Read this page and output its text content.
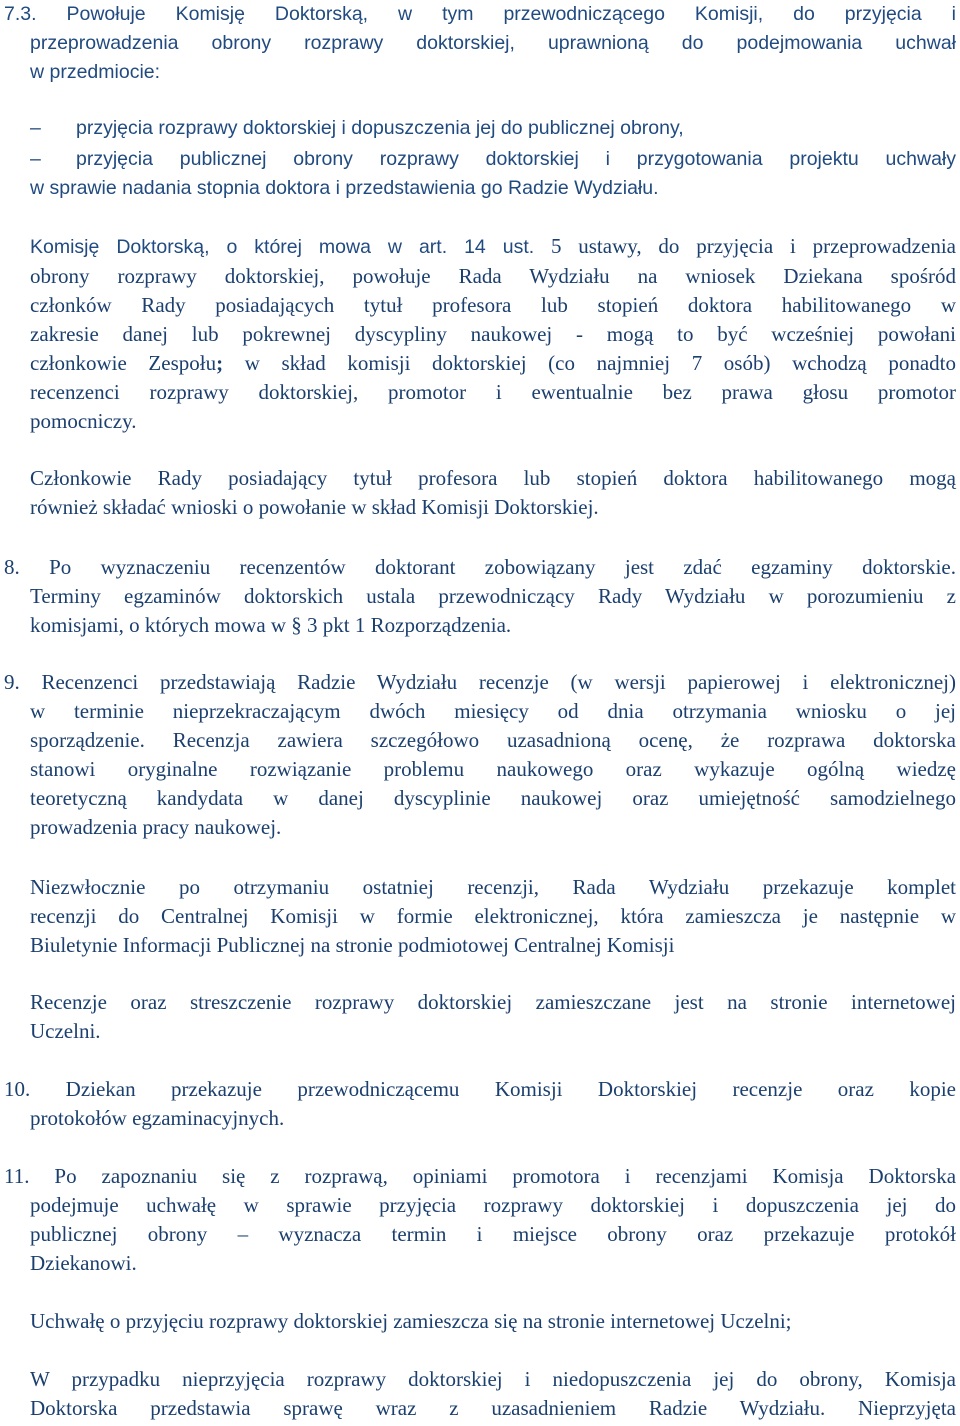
7.3. Powołuje Komisję Doktorską, w tym przewodniczącego Komisji, do przyjęcia i

przeprowadzenia obrony rozprawy doktorskiej, uprawnioną do podejmowania uchwał

w przedmiocie:

–	przyjęcia rozprawy doktorskiej i dopuszczenia jej do publicznej obrony,
–	przyjęcia publicznej obrony rozprawy doktorskiej i przygotowania projektu uchwały
w sprawie nadania stopnia doktora i przedstawienia go Radzie Wydziału.

Komisję Doktorską, o której mowa w art. 14 ust. 5 ustawy, do przyjęcia i przeprowadzenia

obrony rozprawy doktorskiej, powołuje Rada Wydziału na wniosek Dziekana spośród

członków Rady posiadających tytuł profesora lub stopień doktora habilitowanego w

zakresie danej lub pokrewnej dyscypliny naukowej - mogą to być wcześniej powołani

członkowie Zespołu; w skład komisji doktorskiej (co najmniej 7 osób) wchodzą ponadto

recenzenci rozprawy doktorskiej, promotor i ewentualnie bez prawa głosu promotor

pomocniczy.

Członkowie Rady posiadający tytuł profesora lub stopień doktora habilitowanego mogą

również składać wnioski o powołanie w skład Komisji Doktorskiej.

8. Po wyznaczeniu recenzentów doktorant zobowiązany jest zdać egzaminy doktorskie.

Terminy egzaminów doktorskich ustala przewodniczący Rady Wydziału w porozumieniu z

komisjami, o których mowa w § 3 pkt 1 Rozporządzenia.

9. Recenzenci przedstawiają Radzie Wydziału recenzje (w wersji papierowej i elektronicznej)

w terminie nieprzekraczającym dwóch miesięcy od dnia otrzymania wniosku o jej

sporządzenie. Recenzja zawiera szczegółowo uzasadnioną ocenę, że rozprawa doktorska

stanowi oryginalne rozwiązanie problemu naukowego oraz wykazuje ogólną wiedzę

teoretyczną kandydata w danej dyscyplinie naukowej oraz umiejętność samodzielnego

prowadzenia pracy naukowej.

Niezwłocznie po otrzymaniu ostatniej recenzji, Rada Wydziału przekazuje komplet

recenzji do Centralnej Komisji w formie elektronicznej, która zamieszcza je następnie w

Biuletynie Informacji Publicznej na stronie podmiotowej Centralnej Komisji

Recenzje oraz streszczenie rozprawy doktorskiej zamieszczane jest na stronie internetowej

Uczelni.

10. Dziekan przekazuje przewodniczącemu Komisji Doktorskiej recenzje oraz kopie

protokołów egzaminacyjnych.

11. Po zapoznaniu się z rozprawą, opiniami promotora i recenzjami Komisja Doktorska

podejmuje uchwałę w sprawie przyjęcia rozprawy doktorskiej i dopuszczenia jej do

publicznej obrony – wyznacza termin i miejsce obrony oraz przekazuje protokół

Dziekanowi.

Uchwałę o przyjęciu rozprawy doktorskiej zamieszcza się na stronie internetowej Uczelni;

W przypadku nieprzyjęcia rozprawy doktorskiej i niedopuszczenia jej do obrony, Komisja

Doktorska przedstawia sprawę wraz z uzasadnieniem Radzie Wydziału. Nieprzyjęta
